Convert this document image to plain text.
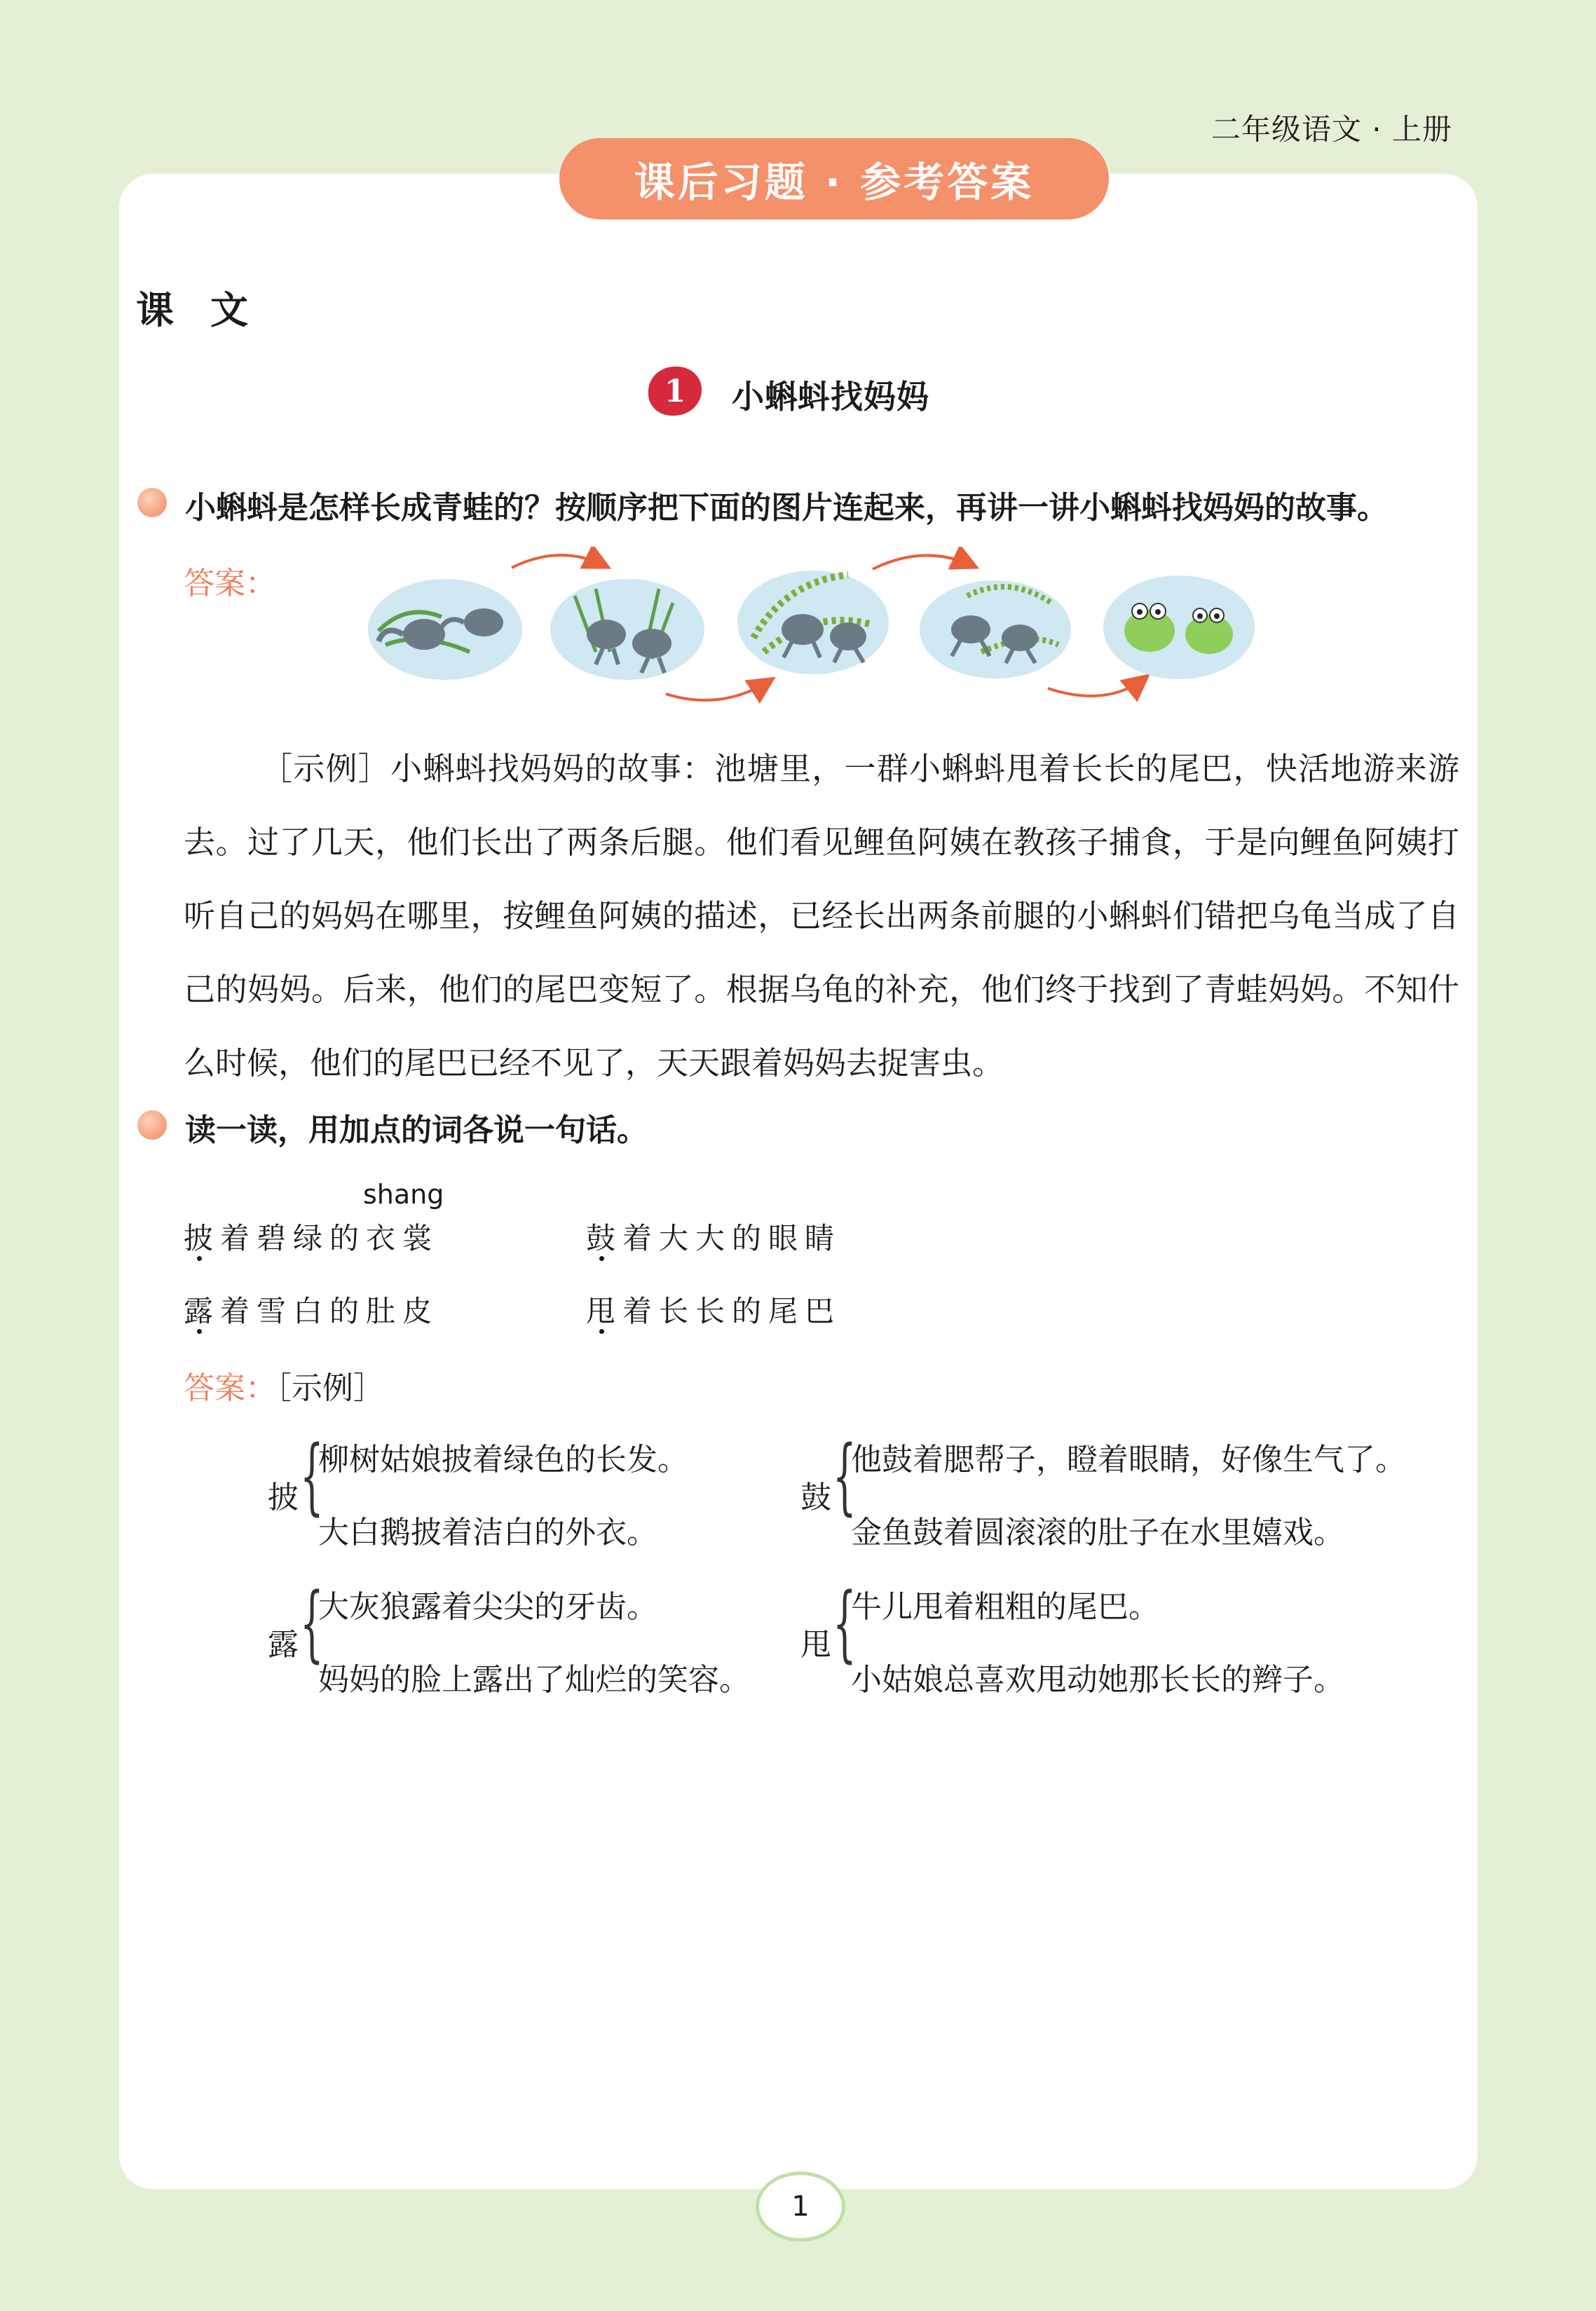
二年级语文 · 上册
课后习题 · 参考答案
课文
1	小蝌蚪找妈妈
小蝌蚪是怎样长成青蛙的？按顺序把下面的图片连起来，再讲一讲小蝌蚪找妈妈的故事。
答案：
［示例］小蝌蚪找妈妈的故事：池塘里，一群小蝌蚪甩着长长的尾巴，快活地游来游去。过了几天，他们长出了两条后腿。他们看见鲤鱼阿姨在教孩子捕食，于是向鲤鱼阿姨打听自己的妈妈在哪里，按鲤鱼阿姨的描述，已经长出两条前腿的小蝌蚪们错把乌龟当成了自己的妈妈。后来，他们的尾巴变短了。根据乌龟的补充，他们终于找到了青蛙妈妈。不知什么时候，他们的尾巴已经不见了，天天跟着妈妈去捉害虫。
读一读，用加点的词各说一句话。
shang
披着碧绿的衣裳	鼓着大大的眼睛
露着雪白的肚皮	甩着长长的尾巴
答案：［示例］
披 {
柳树姑娘披着绿色的长发。
大白鹅披着洁白的外衣。
鼓 {
他鼓着腮帮子，瞪着眼睛，好像生气了。
金鱼鼓着圆滚滚的肚子在水里嬉戏。
露 {
大灰狼露着尖尖的牙齿。
妈妈的脸上露出了灿烂的笑容。
甩 {
牛儿甩着粗粗的尾巴。
小姑娘总喜欢甩动她那长长的辫子。
1
